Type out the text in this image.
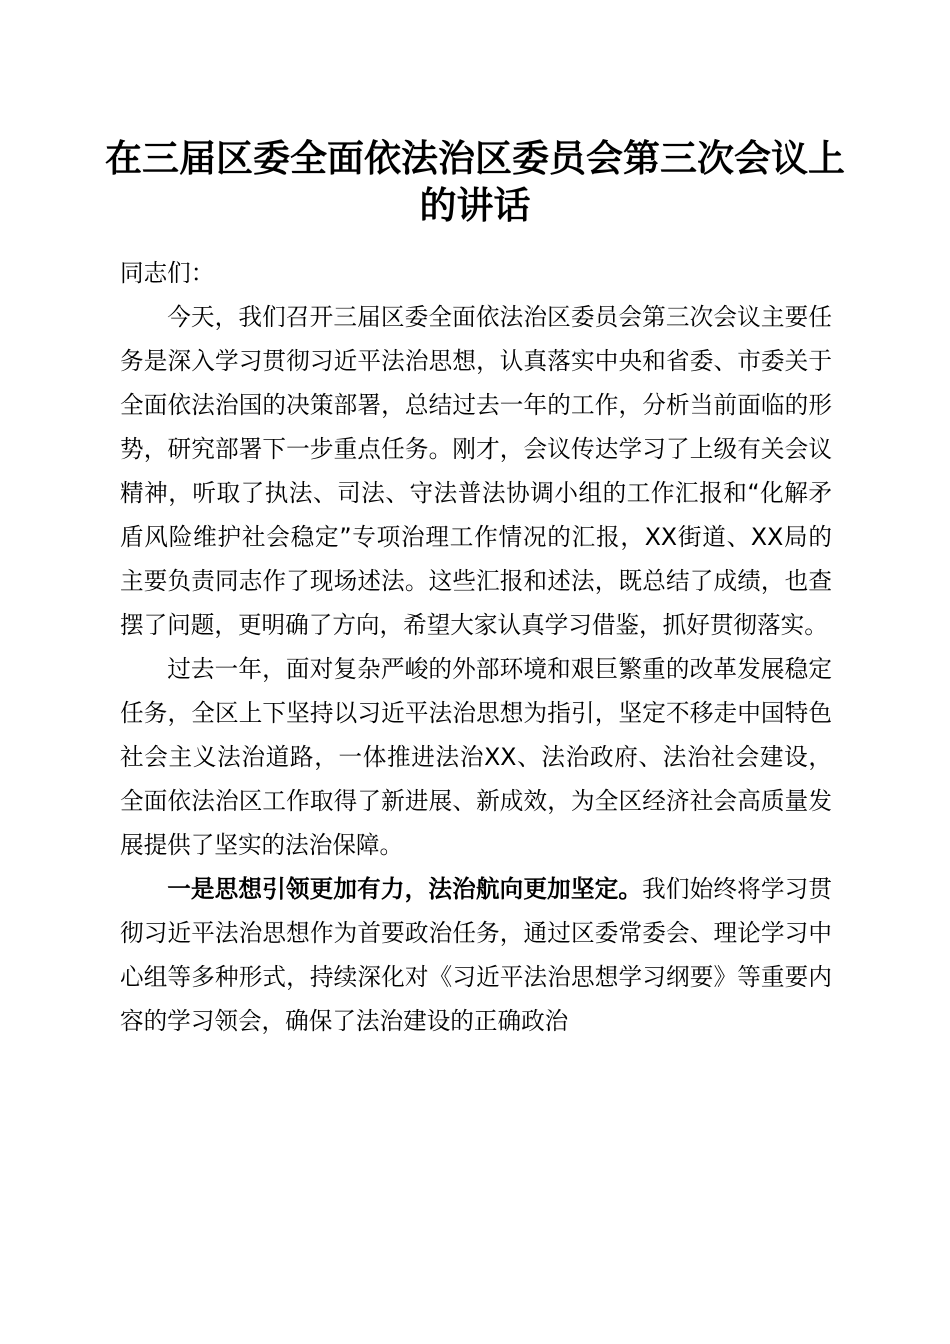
在三届区委全面依法治区委员会第三次会议上
的讲话

同志们：

今天，我们召开三届区委全面依法治区委员会第三次会议主要任务是深入学习贯彻习近平法治思想，认真落实中央和省委、市委关于全面依法治国的决策部署，总结过去一年的工作，分析当前面临的形势，研究部署下一步重点任务。刚才，会议传达学习了上级有关会议精神，听取了执法、司法、守法普法协调小组的工作汇报和“化解矛盾风险维护社会稳定”专项治理工作情况的汇报，XX街道、XX局的主要负责同志作了现场述法。这些汇报和述法，既总结了成绩，也查摆了问题，更明确了方向，希望大家认真学习借鉴，抓好贯彻落实。

过去一年，面对复杂严峻的外部环境和艰巨繁重的改革发展稳定任务，全区上下坚持以习近平法治思想为指引，坚定不移走中国特色社会主义法治道路，一体推进法治XX、法治政府、法治社会建设，全面依法治区工作取得了新进展、新成效，为全区经济社会高质量发展提供了坚实的法治保障。

一是思想引领更加有力，法治航向更加坚定。我们始终将学习贯彻习近平法治思想作为首要政治任务，通过区委常委会、理论学习中心组等多种形式，持续深化对《习近平法治思想学习纲要》等重要内容的学习领会，确保了法治建设的正确政治
